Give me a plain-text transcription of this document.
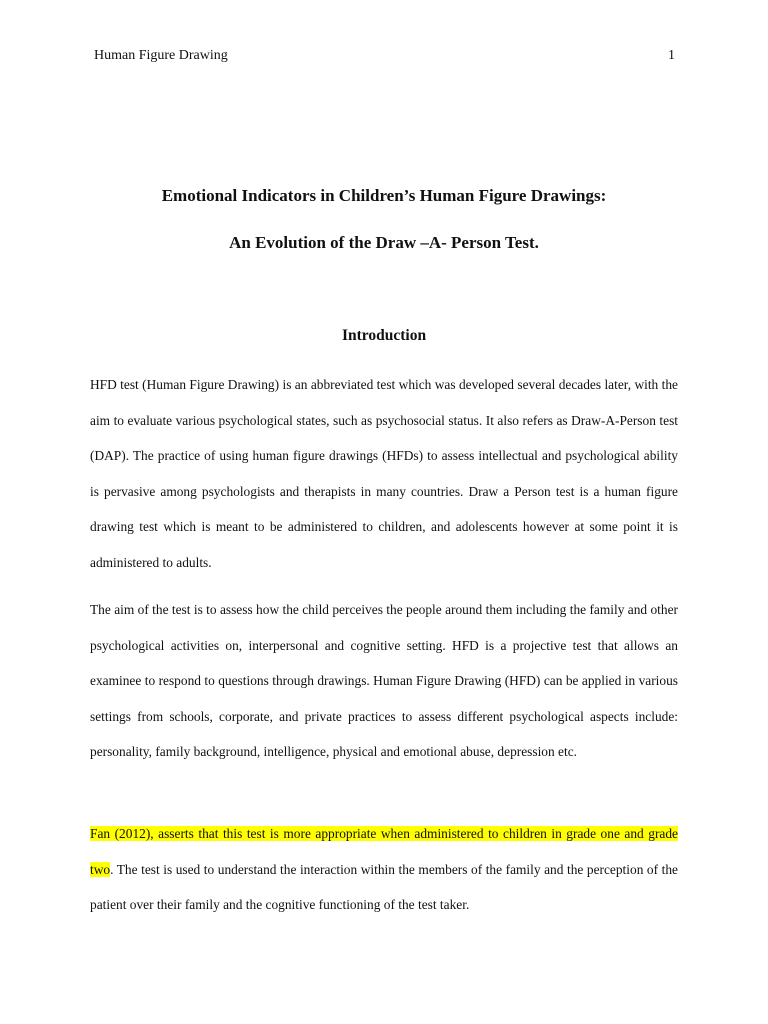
Human Figure Drawing	1
Emotional Indicators in Children’s Human Figure Drawings:
An Evolution of the Draw –A- Person Test.
Introduction

HFD test (Human Figure Drawing) is an abbreviated test which was developed several decades later, with the aim to evaluate various psychological states, such as psychosocial status. It also refers as Draw-A-Person test (DAP). The practice of using human figure drawings (HFDs) to assess intellectual and psychological ability is pervasive among psychologists and therapists in many countries. Draw a Person test is a human figure drawing test which is meant to be administered to children, and adolescents however at some point it is administered to adults.

The aim of the test is to assess how the child perceives the people around them including the family and other psychological activities on, interpersonal and cognitive setting. HFD is a projective test that allows an examinee to respond to questions through drawings. Human Figure Drawing (HFD) can be applied in various settings from schools, corporate, and private practices to assess different psychological aspects include: personality, family background, intelligence, physical and emotional abuse, depression etc.

Fan (2012), asserts that this test is more appropriate when administered to children in grade one and grade two. The test is used to understand the interaction within the members of the family and the perception of the patient over their family and the cognitive functioning of the test taker.
